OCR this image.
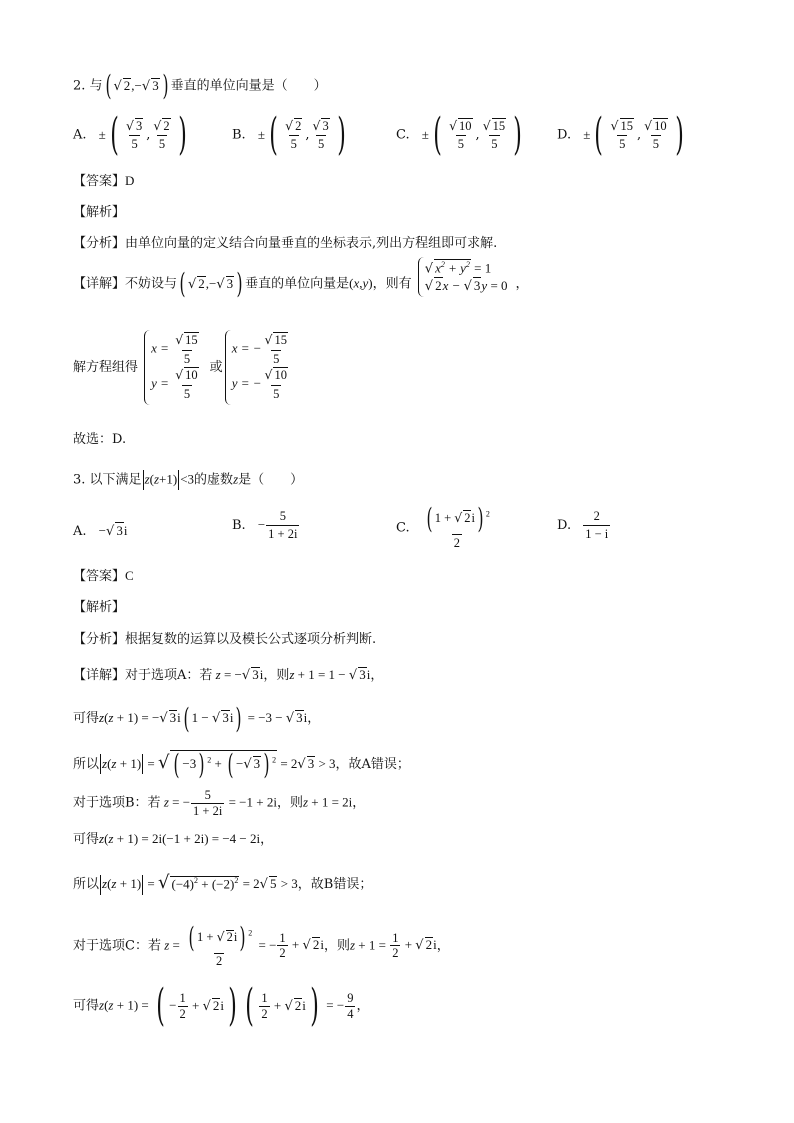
2. 与( √ 2,−√ 3 ) 垂直的单位向量是（　　）
A. ±( $\frac{√ 3}{5}$ , $\frac{√ 2}{5}$ )	B. ±( $\frac{√ 2}{5}$ , $\frac{√ 3}{5}$ )	C. ±( $\frac{√ 10}{5}$ , $\frac{√ 15}{5}$ )	D. ±( $\frac{√ 15}{5}$ , $\frac{√ 10}{5}$ )
【答案】D
【解析】
【分析】由单位向量的定义结合向量垂直的坐标表示,列出方程组即可求解.
【详解】不妨设与( √ 2,−√ 3 ) 垂直的单位向量是(x,y)，则有
√ $x^2 + y^2 = 1$
√ 2x − √ 3y = 0 ，
解方程组得
$x = \frac{√ 15}{5}$
$y = \frac{√ 10}{5}$ 或
x = − $\frac{√ 15}{5}$
y = − $\frac{√ 10}{5}$
故选：D.
3. 以下满足 z(z+1) <3的虚数z是（　　）
A. −√ 3i	B. − $\frac{5}{1 + 2i}$	C. $\frac{( 1 + √ 2i) ^2}{2}$	D. $\frac{2}{1 - i}$
【答案】C
【解析】
【分析】根据复数的运算以及模长公式逐项分析判断.
【详解】对于选项A：若 z = −√ 3i，则z + 1 = 1 − √ 3i，
可得z(z + 1) = −√ 3i( 1 − √ 3i) = −3 − √ 3i，
所以 z(z + 1) = √ ( −3) $^2$ + ( −√ 3 ) $^2$ = 2√ 3 > 3，故A错误；
对于选项B：若 z = − $\frac{5}{1 + 2i} = -1 + 2i$，则z + 1 = 2i，
可得z(z + 1) = 2i(−1 + 2i) = −4 − 2i，
所以 z(z + 1) = √ $(-4)^2 + (-2)^2 = 2√$ 5 > 3，故B错误；
对于选项C：若 $z = \frac{( 1 + √ 2i) ^2}{2}$ = − $\frac{1}{2}$ + √ 2i，则$z + 1 = \frac{1}{2}$ + √ 2i，
可得z(z + 1) = ( − $\frac{1}{2}$ + √ 2i) ( $\frac{1}{2}$ + √ 2i) = − $\frac{9}{4}$ ，
